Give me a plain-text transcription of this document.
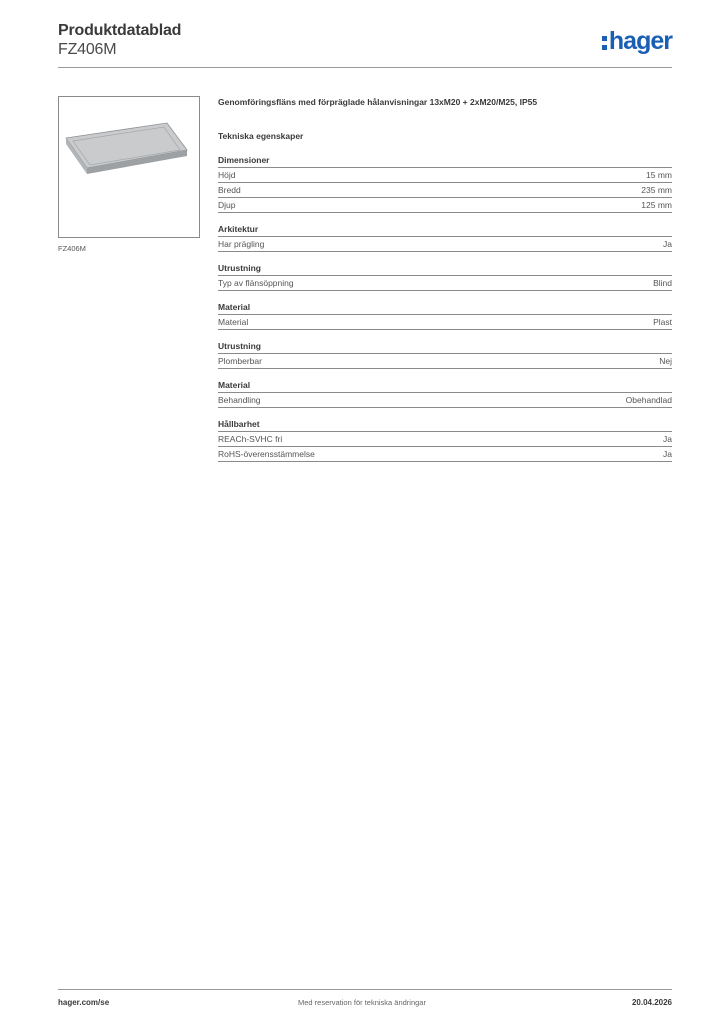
Produktdatablad
FZ406M	hager
FZ406M
Genomföringsfläns med förpräglade hålanvisningar 13xM20 + 2xM20/M25, IP55
Tekniska egenskaper
Dimensioner
Höjd	15 mm
Bredd	235 mm
Djup	125 mm
Arkitektur
Har prägling	Ja
Utrustning
Typ av flänsöppning	Blind
Material
Material	Plast
Utrustning
Plomberbar	Nej
Material
Behandling	Obehandlad
Hållbarhet
REACh-SVHC fri	Ja
RoHS-överensstämmelse	Ja
hager.com/se	Med reservation för tekniska ändringar	20.04.2026
